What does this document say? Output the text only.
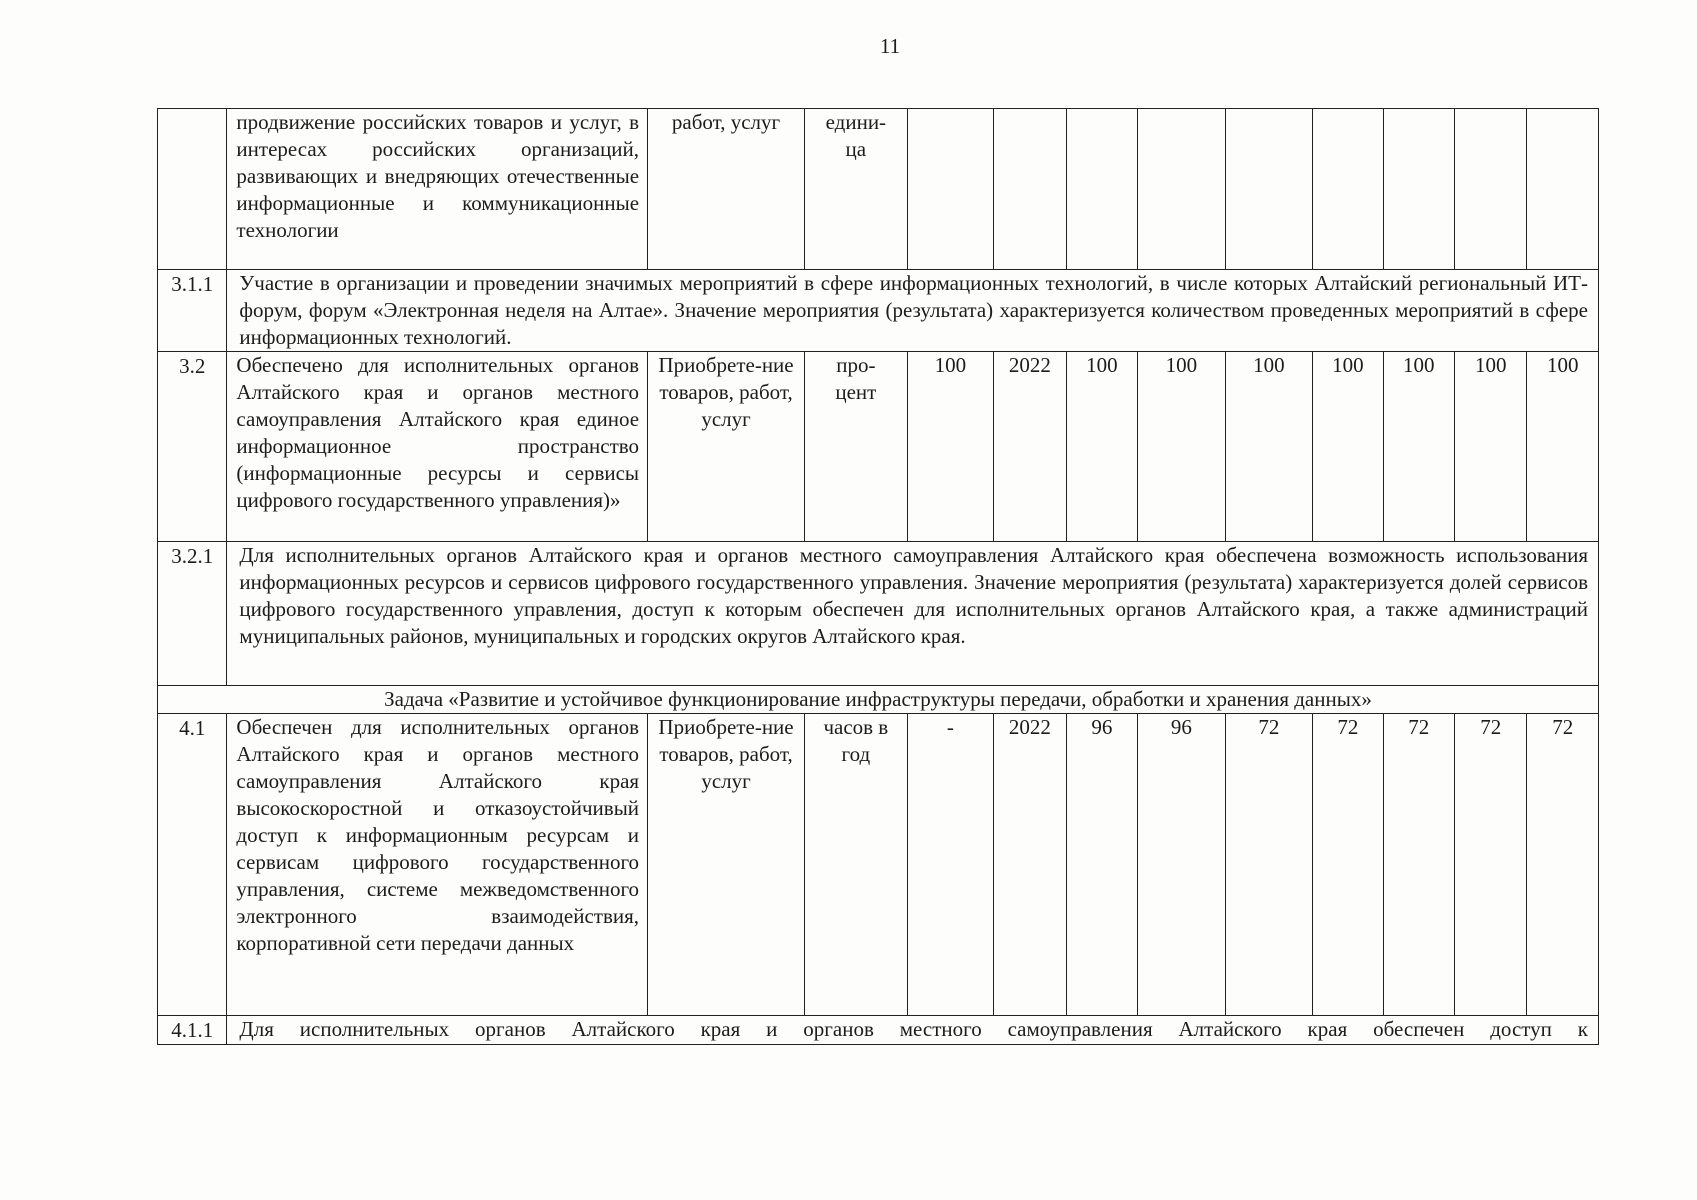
11
	продвижение российских товаров и услуг, в интересах российских организаций, развивающих и внедряющих отечественные информационные и коммуникационные технологии	работ, услуг	едини-ца									
3.1.1	Участие в организации и проведении значимых мероприятий в сфере информационных технологий, в числе которых Алтайский региональный ИТ-форум, форум «Электронная неделя на Алтае». Значение мероприятия (результата) характеризуется количеством проведенных мероприятий в сфере информационных технологий.											
3.2	Обеспечено для исполнительных органов Алтайского края и органов местного самоуправления Алтайского края единое информационное пространство (информационные ресурсы и сервисы цифрового государственного управления)»	Приобрете-ние товаров, работ, услуг	про-цент	100	2022	100	100	100	100	100	100	100
3.2.1	Для исполнительных органов Алтайского края и органов местного самоуправления Алтайского края обеспечена возможность использования информационных ресурсов и сервисов цифрового государственного управления. Значение мероприятия (результата) характеризуется долей сервисов цифрового государственного управления, доступ к которым обеспечен для исполнительных органов Алтайского края, а также администраций муниципальных районов, муниципальных и городских округов Алтайского края.											
Задача «Развитие и устойчивое функционирование инфраструктуры передачи, обработки и хранения данных»												
4.1	Обеспечен для исполнительных органов Алтайского края и органов местного самоуправления Алтайского края высокоскоростной и отказоустойчивый доступ к информационным ресурсам и сервисам цифрового государственного управления, системе межведомственного электронного взаимодействия, корпоративной сети передачи данных	Приобрете-ние товаров, работ, услуг	часов в год	-	2022	96	96	72	72	72	72	72
4.1.1	Для исполнительных органов Алтайского края и органов местного самоуправления Алтайского края обеспечен доступ к											
